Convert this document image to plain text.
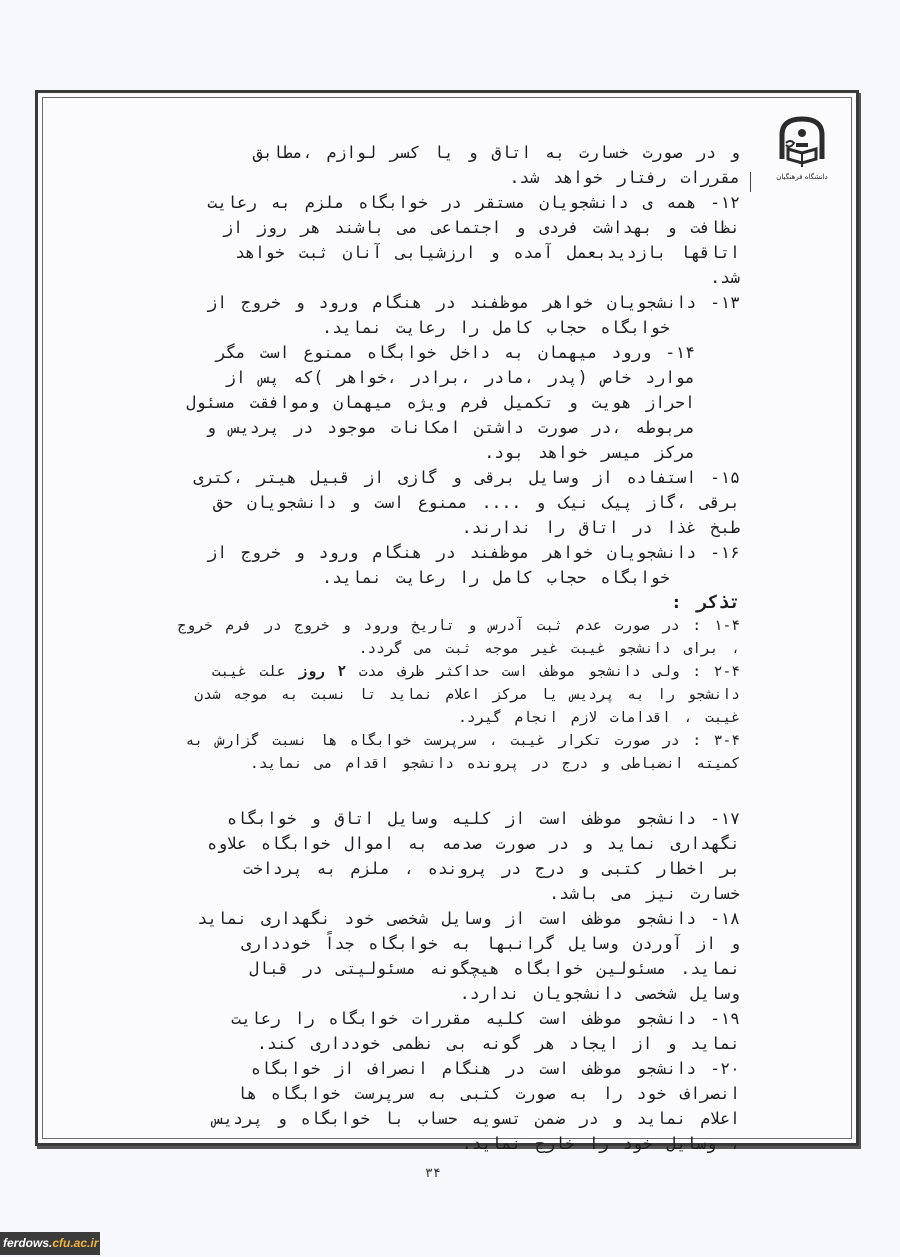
دانشگاه فرهنگیان
و در صورت خسارت به اتاق و یا کسر لوازم ،مطابق
مقررات رفتار خواهد شد.
۱۲- همه ی دانشجویان مستقر در خوابگاه ملزم به رعایت
نظافت و بهداشت فردی و اجتماعی می باشند هر روز از
اتاقها بازدیدبعمل آمده و ارزشیابی آنان ثبت خواهد
شد.
۱۳- دانشجویان خواهر موظفند در هنگام ورود و خروج از
خوابگاه حجاب کامل را رعایت نماید.
۱۴- ورود میهمان به داخل خوابگاه ممنوع است مگر
موارد خاص (پدر ،مادر ،برادر ،خواهر )که پس از
احراز هویت و تکمیل فرم ویژه میهمان وموافقت مسئول
مربوطه ،در صورت داشتن امکانات موجود در پردیس و
مرکز میسر خواهد بود.
۱۵- استفاده از وسایل برقی و گازی از قبیل هیتر ،کتری
برقی ،گاز پیک نیک و .... ممنوع است و دانشجویان حق
طبخ غذا در اتاق را ندارند.
۱۶- دانشجویان خواهر موظفند در هنگام ورود و خروج از
خوابگاه حجاب کامل را رعایت نماید.
تذکر :
۱-۴ : در صورت عدم ثبت آدرس و تاریخ ورود و خروج در فرم خروج
، برای دانشجو غیبت غیر موجه ثبت می گردد.
۲-۴ : ولی دانشجو موظف است حداکثر ظرف مدت ۲ روز علت غیبت
دانشجو را به پردیس یا مرکز اعلام نماید تا نسبت به موجه شدن
غیبت ، اقدامات لازم انجام گیرد.
۳-۴ : در صورت تکرار غیبت ، سرپرست خوابگاه ها نسبت گزارش به
کمیته انضباطی و درج در پرونده دانشجو اقدام می نماید.
۱۷- دانشجو موظف است از کلیه وسایل اتاق و خوابگاه
نگهداری نماید و در صورت صدمه به اموال خوابگاه علاوه
بر اخطار کتبی و درج در پرونده ، ملزم به پرداخت
خسارت نیز می باشد.
۱۸- دانشجو موظف است از وسایل شخصی خود نگهداری نماید
و از آوردن وسایل گرانبها به خوابگاه جداً خودداری
نماید. مسئولین خوابگاه هیچگونه مسئولیتی در قبال
وسایل شخصی دانشجویان ندارد.
۱۹- دانشجو موظف است کلیه مقررات خوابگاه را رعایت
نماید و از ایجاد هر گونه بی نظمی خودداری کند.
۲۰- دانشجو موظف است در هنگام انصراف از خوابگاه
انصراف خود را به صورت کتبی به سرپرست خوابگاه ها
اعلام نماید و در ضمن تسویه حساب با خوابگاه و پردیس
، وسایل خود را خارج نماید.
۳۴
ferdows.cfu.ac.ir
